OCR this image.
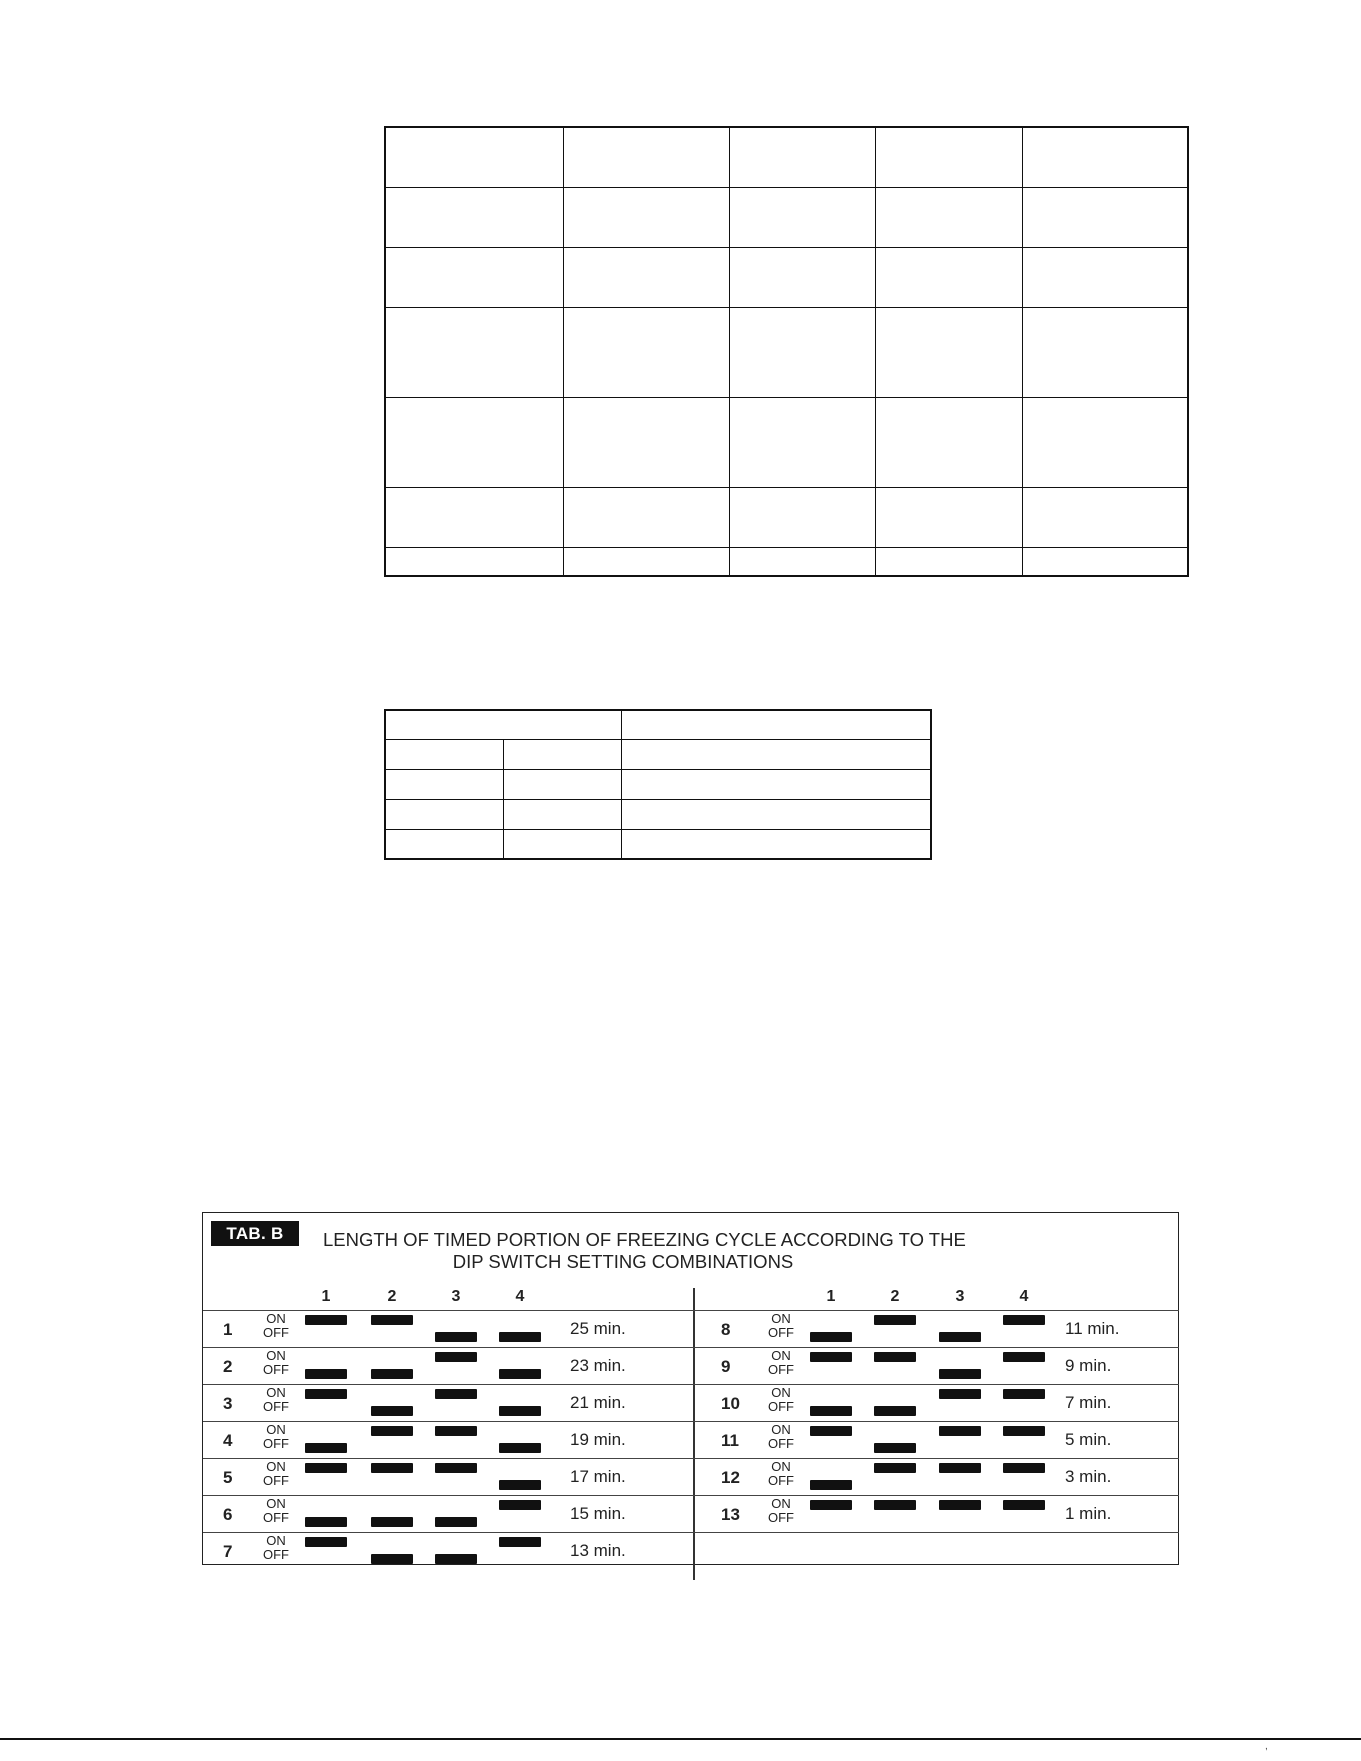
TAB. B	LENGTH OF TIMED PORTION OF FREEZING CYCLE ACCORDING TO THE
DIP SWITCH SETTING COMBINATIONS
1	2	3	4
1
ON
OFF	25 min.
2
ON
OFF	23 min.
3
ON
OFF	21 min.
4
ON
OFF	19 min.
5
ON
OFF	17 min.
6
ON
OFF	15 min.
7
ON
OFF	13 min.
1	2	3	4
8
ON
OFF	11 min.
9
ON
OFF	9 min.
10
ON
OFF	7 min.
11
ON
OFF	5 min.
12
ON
OFF	3 min.
13
ON
OFF	1 min.
,
